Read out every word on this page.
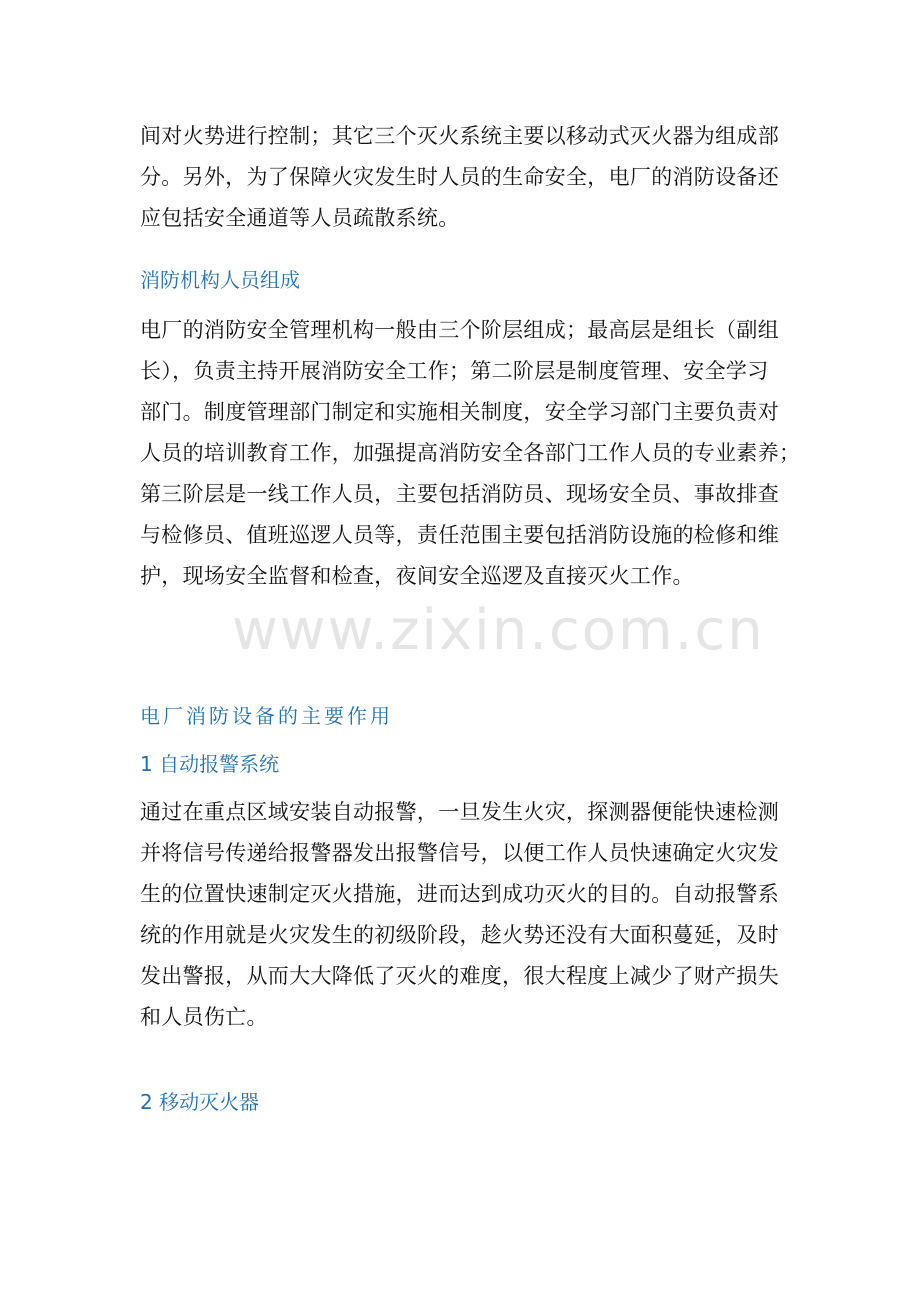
www.zixin.com.cn
间对火势进行控制；其它三个灭火系统主要以移动式灭火器为组成部
分。另外，为了保障火灾发生时人员的生命安全，电厂的消防设备还
应包括安全通道等人员疏散系统。
消防机构人员组成
电厂的消防安全管理机构一般由三个阶层组成；最高层是组长（副组
长），负责主持开展消防安全工作；第二阶层是制度管理、安全学习
部门。制度管理部门制定和实施相关制度，安全学习部门主要负责对
人员的培训教育工作，加强提高消防安全各部门工作人员的专业素养；
第三阶层是一线工作人员，主要包括消防员、现场安全员、事故排查
与检修员、值班巡逻人员等，责任范围主要包括消防设施的检修和维
护，现场安全监督和检查，夜间安全巡逻及直接灭火工作。
电厂消防设备的主要作用
1 自动报警系统
通过在重点区域安装自动报警，一旦发生火灾，探测器便能快速检测
并将信号传递给报警器发出报警信号，以便工作人员快速确定火灾发
生的位置快速制定灭火措施，进而达到成功灭火的目的。自动报警系
统的作用就是火灾发生的初级阶段，趁火势还没有大面积蔓延，及时
发出警报，从而大大降低了灭火的难度，很大程度上减少了财产损失
和人员伤亡。
2 移动灭火器
